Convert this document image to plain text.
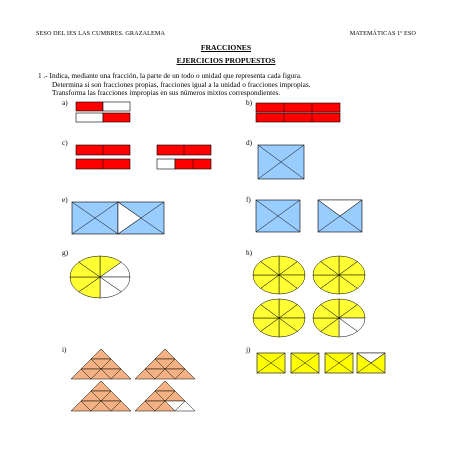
SESO DEL IES LAS CUMBRES. GRAZALEMA	MATEMÁTICAS 1º ESO
FRACCIONES
EJERCICIOS PROPUESTOS
1 .- Indica, mediante una fracción, la parte de un todo o unidad que representa cada figura.
Determina si son fracciones propias, fracciones igual a la unidad o fracciones impropias.
Transforma las fracciones impropias en sus números mixtos correspondientes.
a)	b)
c)	d)
e)	f)
g)	h)
i)	j)
